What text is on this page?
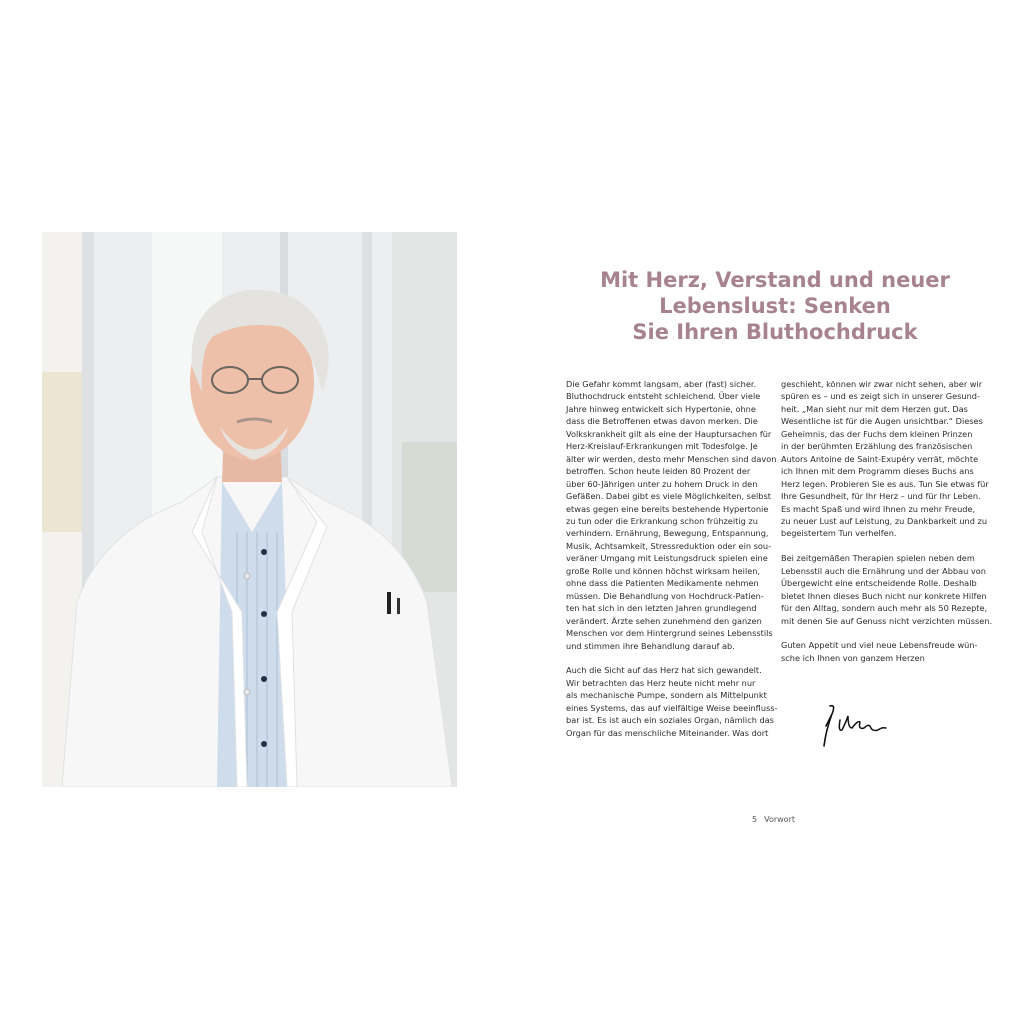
Mit Herz, Verstand und neuer
Lebenslust: Senken
Sie Ihren Bluthochdruck

Die Gefahr kommt langsam, aber (fast) sicher.
Bluthochdruck entsteht schleichend. Über viele
Jahre hinweg entwickelt sich Hypertonie, ohne
dass die Betroffenen etwas davon merken. Die
Volkskrankheit gilt als eine der Hauptursachen für
Herz-Kreislauf-Erkrankungen mit Todesfolge. Je
älter wir werden, desto mehr Menschen sind davon
betroffen. Schon heute leiden 80 Prozent der
über 60-Jährigen unter zu hohem Druck in den
Gefäßen. Dabei gibt es viele Möglichkeiten, selbst
etwas gegen eine bereits bestehende Hypertonie
zu tun oder die Erkrankung schon frühzeitig zu
verhindern. Ernährung, Bewegung, Entspannung,
Musik, Achtsamkeit, Stressreduktion oder ein sou-
veräner Umgang mit Leistungsdruck spielen eine
große Rolle und können höchst wirksam heilen,
ohne dass die Patienten Medikamente nehmen
müssen. Die Behandlung von Hochdruck-Patien-
ten hat sich in den letzten Jahren grundlegend
verändert. Ärzte sehen zunehmend den ganzen
Menschen vor dem Hintergrund seines Lebensstils
und stimmen ihre Behandlung darauf ab.

Auch die Sicht auf das Herz hat sich gewandelt.
Wir betrachten das Herz heute nicht mehr nur
als mechanische Pumpe, sondern als Mittelpunkt
eines Systems, das auf vielfältige Weise beeinfluss-
bar ist. Es ist auch ein soziales Organ, nämlich das
Organ für das menschliche Miteinander. Was dort

geschieht, können wir zwar nicht sehen, aber wir
spüren es – und es zeigt sich in unserer Gesund-
heit. „Man sieht nur mit dem Herzen gut. Das
Wesentliche ist für die Augen unsichtbar.“ Dieses
Geheimnis, das der Fuchs dem kleinen Prinzen
in der berühmten Erzählung des französischen
Autors Antoine de Saint-Exupéry verrät, möchte
ich Ihnen mit dem Programm dieses Buchs ans
Herz legen. Probieren Sie es aus. Tun Sie etwas für
Ihre Gesundheit, für Ihr Herz – und für Ihr Leben.
Es macht Spaß und wird Ihnen zu mehr Freude,
zu neuer Lust auf Leistung, zu Dankbarkeit und zu
begeistertem Tun verhelfen.

Bei zeitgemäßen Therapien spielen neben dem
Lebensstil auch die Ernährung und der Abbau von
Übergewicht eine entscheidende Rolle. Deshalb
bietet Ihnen dieses Buch nicht nur konkrete Hilfen
für den Alltag, sondern auch mehr als 50 Rezepte,
mit denen Sie auf Genuss nicht verzichten müssen.

Guten Appetit und viel neue Lebensfreude wün-
sche ich Ihnen von ganzem Herzen

5 Vorwort
